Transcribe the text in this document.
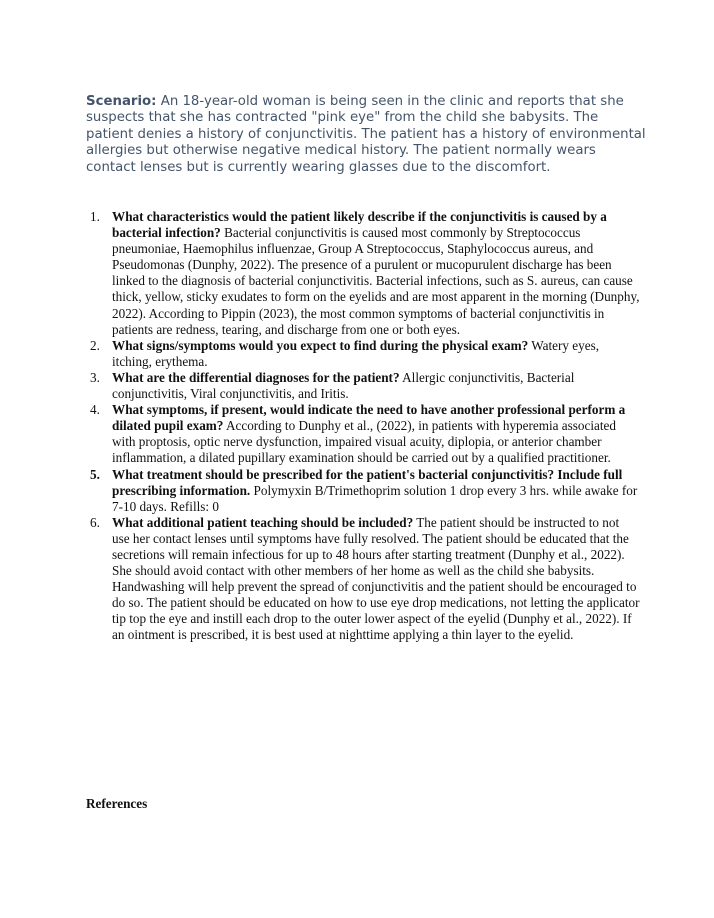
Scenario: An 18-year-old woman is being seen in the clinic and reports that she suspects that she has contracted "pink eye" from the child she babysits. The patient denies a history of conjunctivitis. The patient has a history of environmental allergies but otherwise negative medical history. The patient normally wears contact lenses but is currently wearing glasses due to the discomfort.

1. What characteristics would the patient likely describe if the conjunctivitis is caused by a bacterial infection? Bacterial conjunctivitis is caused most commonly by Streptococcus pneumoniae, Haemophilus influenzae, Group A Streptococcus, Staphylococcus aureus, and Pseudomonas (Dunphy, 2022). The presence of a purulent or mucopurulent discharge has been linked to the diagnosis of bacterial conjunctivitis. Bacterial infections, such as S. aureus, can cause thick, yellow, sticky exudates to form on the eyelids and are most apparent in the morning (Dunphy, 2022). According to Pippin (2023), the most common symptoms of bacterial conjunctivitis in patients are redness, tearing, and discharge from one or both eyes.
2. What signs/symptoms would you expect to find during the physical exam? Watery eyes, itching, erythema.
3. What are the differential diagnoses for the patient? Allergic conjunctivitis, Bacterial conjunctivitis, Viral conjunctivitis, and Iritis.
4. What symptoms, if present, would indicate the need to have another professional perform a dilated pupil exam? According to Dunphy et al., (2022), in patients with hyperemia associated with proptosis, optic nerve dysfunction, impaired visual acuity, diplopia, or anterior chamber inflammation, a dilated pupillary examination should be carried out by a qualified practitioner.
5. What treatment should be prescribed for the patient's bacterial conjunctivitis? Include full prescribing information. Polymyxin B/Trimethoprim solution 1 drop every 3 hrs. while awake for 7-10 days. Refills: 0
6. What additional patient teaching should be included? The patient should be instructed to not use her contact lenses until symptoms have fully resolved. The patient should be educated that the secretions will remain infectious for up to 48 hours after starting treatment (Dunphy et al., 2022). She should avoid contact with other members of her home as well as the child she babysits. Handwashing will help prevent the spread of conjunctivitis and the patient should be encouraged to do so. The patient should be educated on how to use eye drop medications, not letting the applicator tip top the eye and instill each drop to the outer lower aspect of the eyelid (Dunphy et al., 2022). If an ointment is prescribed, it is best used at nighttime applying a thin layer to the eyelid.

References
